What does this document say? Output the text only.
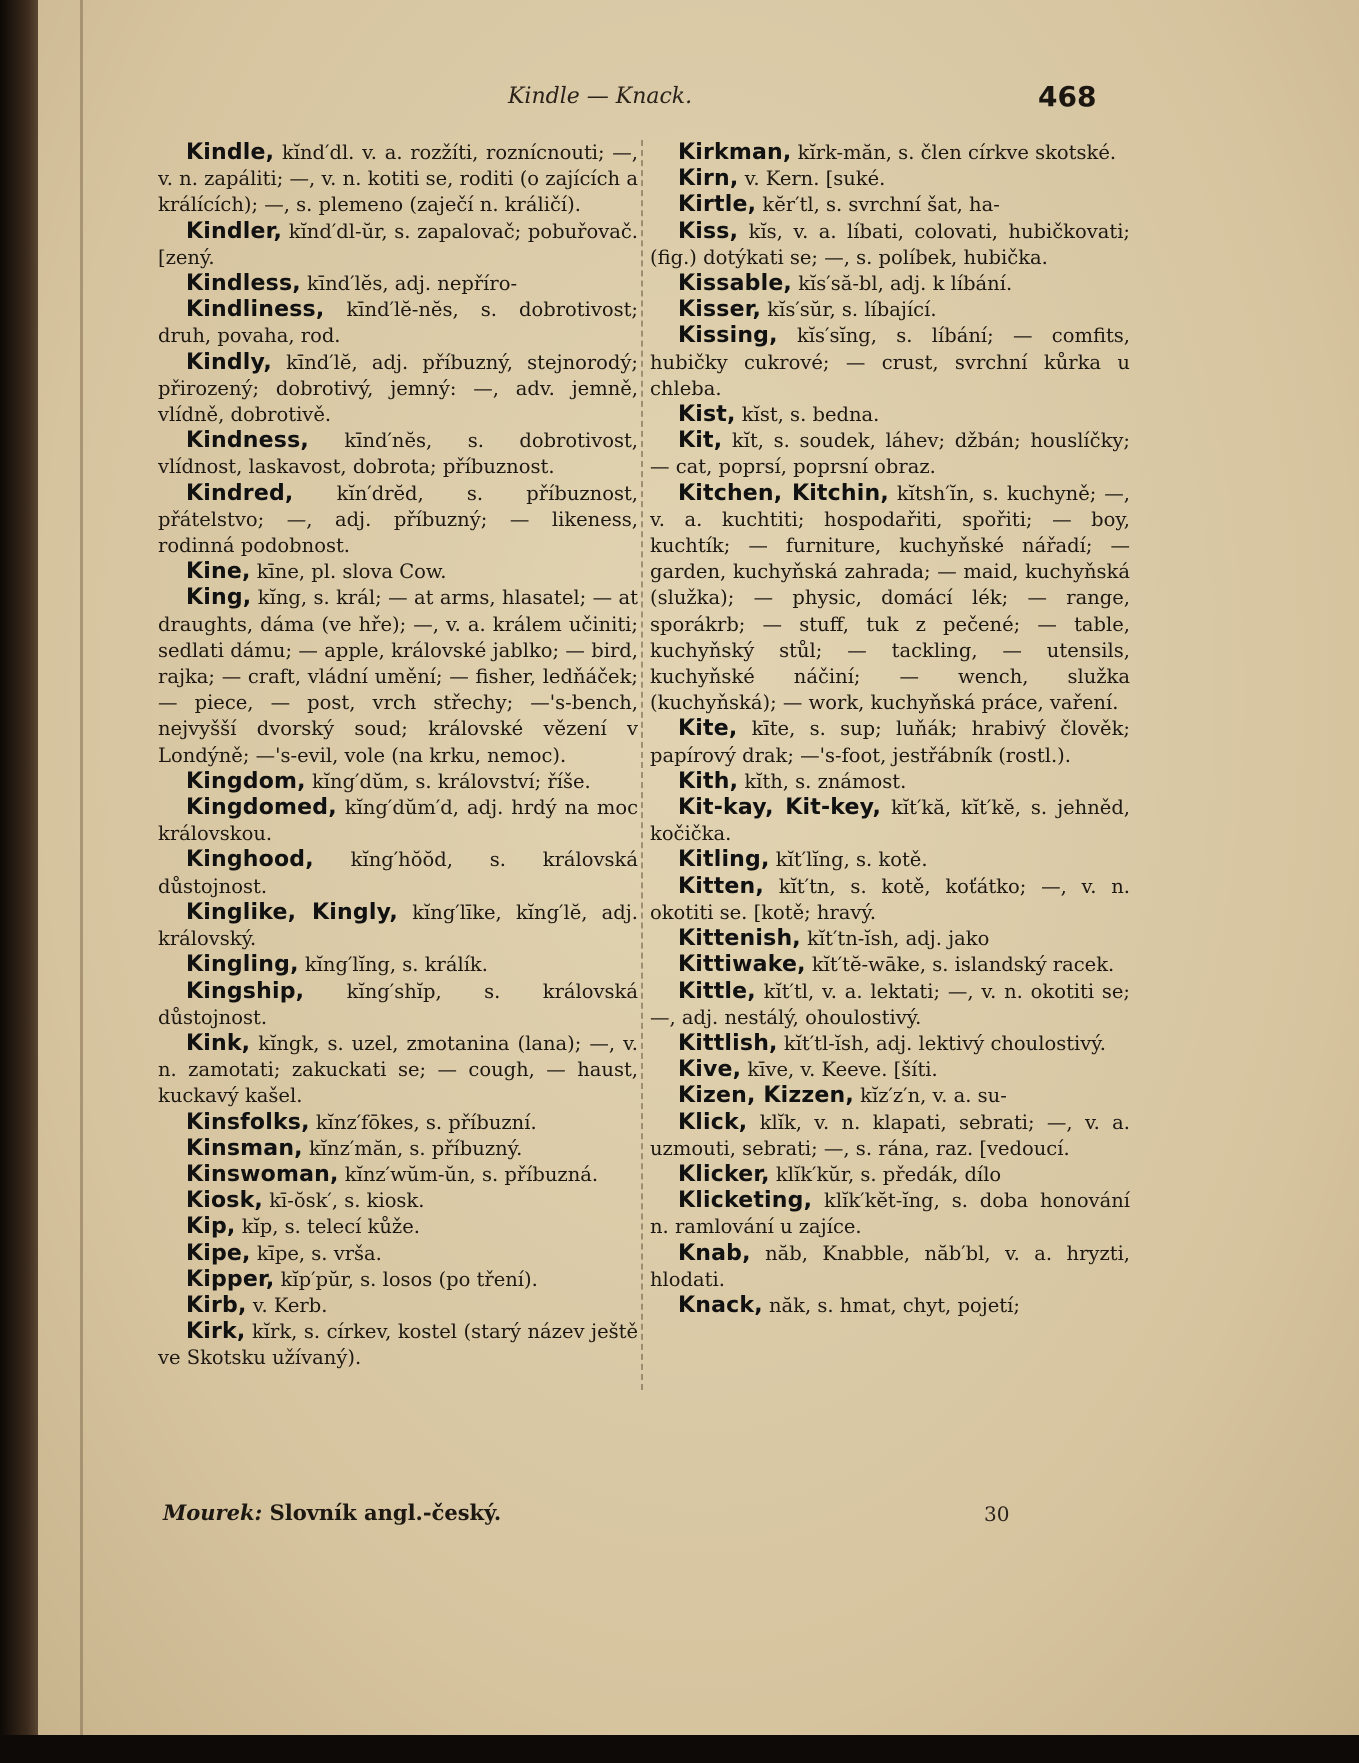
Kindle — Knack.	468

Kindle, kĭnd′dl. v. a. rozžíti, roznícnouti; —, v. n. zapáliti; —, v. n. kotiti se, roditi (o zajících a králících); —, s. plemeno (zaječí n. králičí).

Kindler, kĭnd′dl-ŭr, s. zapalovač; pobuřovač. [zený.

Kindless, kīnd′lĕs, adj. nepříro-

Kindliness, kīnd′lĕ-nĕs, s. dobrotivost; druh, povaha, rod.

Kindly, kīnd′lĕ, adj. příbuzný, stejnorodý; přirozený; dobrotivý, jemný: —, adv. jemně, vlídně, dobrotivě.

Kindness, kīnd′nĕs, s. dobrotivost, vlídnost, laskavost, dobrota; příbuznost.

Kindred, kĭn′drĕd, s. příbuznost, přátelstvo; —, adj. příbuzný; — likeness, rodinná podobnost.

Kine, kīne, pl. slova Cow.

King, kĭng, s. král; — at arms, hlasatel; — at draughts, dáma (ve hře); —, v. a. králem učiniti; sedlati dámu; — apple, královské jablko; — bird, rajka; — craft, vládní umění; — fisher, ledňáček; — piece, — post, vrch střechy; —'s-bench, nejvyšší dvorský soud; královské vězení v Londýně; —'s-evil, vole (na krku, nemoc).

Kingdom, kĭng′dŭm, s. království; říše.

Kingdomed, kĭng′dŭm′d, adj. hrdý na moc královskou.

Kinghood, kĭng′hŏŏd, s. královská důstojnost.

Kinglike, Kingly, kĭng′līke, kĭng′lĕ, adj. královský.

Kingling, kĭng′lĭng, s. králík.

Kingship, kĭng′shĭp, s. královská důstojnost.

Kink, kĭngk, s. uzel, zmotanina (lana); —, v. n. zamotati; zakuckati se; — cough, — haust, kuckavý kašel.

Kinsfolks, kĭnz′fōkes, s. příbuzní.

Kinsman, kĭnz′măn, s. příbuzný.

Kinswoman, kĭnz′wŭm-ŭn, s. příbuzná.

Kiosk, kī-ŏsk′, s. kiosk.

Kip, kĭp, s. telecí kůže.

Kipe, kīpe, s. vrša.

Kipper, kĭp′pŭr, s. losos (po tření).

Kirb, v. Kerb.

Kirk, kĭrk, s. církev, kostel (starý název ještě ve Skotsku užívaný).

Kirkman, kĭrk-măn, s. člen církve skotské.

Kirn, v. Kern. [suké.

Kirtle, kĕr′tl, s. svrchní šat, ha-

Kiss, kĭs, v. a. líbati, colovati, hubičkovati; (fig.) dotýkati se; —, s. políbek, hubička.

Kissable, kĭs′să-bl, adj. k líbání.

Kisser, kĭs′sŭr, s. líbající.

Kissing, kĭs′sĭng, s. líbání; — comfits, hubičky cukrové; — crust, svrchní kůrka u chleba.

Kist, kĭst, s. bedna.

Kit, kĭt, s. soudek, láhev; džbán; houslíčky; — cat, poprsí, poprsní obraz.

Kitchen, Kitchin, kĭtsh′ĭn, s. kuchyně; —, v. a. kuchtiti; hospodařiti, spořiti; — boy, kuchtík; — furniture, kuchyňské nářadí; — garden, kuchyňská zahrada; — maid, kuchyňská (služka); — physic, domácí lék; — range, sporákrb; — stuff, tuk z pečené; — table, kuchyňský stůl; — tackling, — utensils, kuchyňské náčiní; — wench, služka (kuchyňská); — work, kuchyňská práce, vaření.

Kite, kīte, s. sup; luňák; hrabivý člověk; papírový drak; —'s-foot, jestřábník (rostl.).

Kith, kĭth, s. známost.

Kit-kay, Kit-key, kĭt′kă, kĭt′kĕ, s. jehněd, kočička.

Kitling, kĭt′lĭng, s. kotě.

Kitten, kĭt′tn, s. kotě, koťátko; —, v. n. okotiti se. [kotě; hravý.

Kittenish, kĭt′tn-ĭsh, adj. jako

Kittiwake, kĭt′tĕ-wāke, s. islandský racek.

Kittle, kĭt′tl, v. a. lektati; —, v. n. okotiti se; —, adj. nestálý, ohoulostivý.

Kittlish, kĭt′tl-ĭsh, adj. lektivý choulostivý.

Kive, kīve, v. Keeve. [šíti.

Kizen, Kizzen, kĭz′z′n, v. a. su-

Klick, klĭk, v. n. klapati, sebrati; —, v. a. uzmouti, sebrati; —, s. rána, raz. [vedoucí.

Klicker, klĭk′kŭr, s. předák, dílo

Klicketing, klĭk′kĕt-ĭng, s. doba honování n. ramlování u zajíce.

Knab, năb, Knabble, năb′bl, v. a. hryzti, hlodati.

Knack, năk, s. hmat, chyt, pojetí;

Mourek: Slovník angl.-český.	30
